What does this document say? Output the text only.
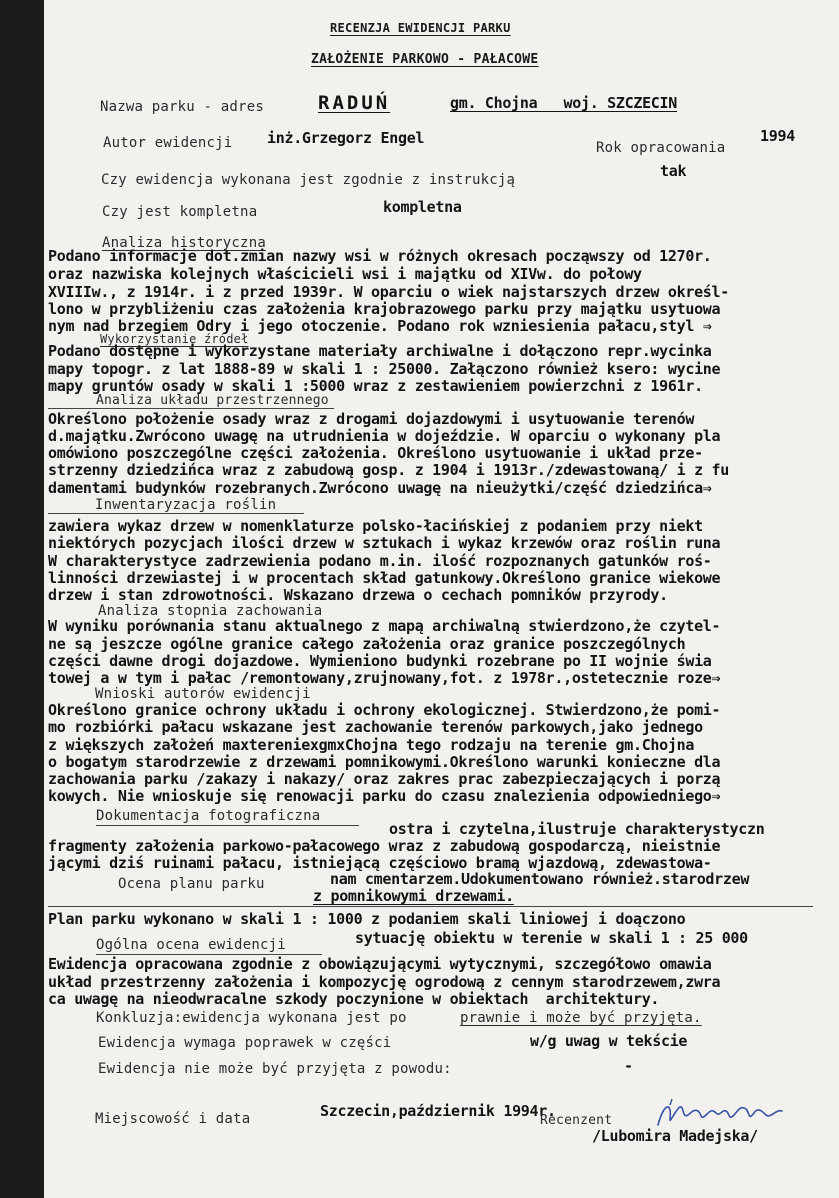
RECENZJA EWIDENCJI PARKU
ZAŁOŻENIE PARKOWO - PAŁACOWE
Nazwa parku - adres	RADUŃ	gm. Chojna   woj. SZCZECIN
Autor ewidencji inż.Grzegorz Engel
Rok opracowania
1994
Czy ewidencja wykonana jest zgodnie z instrukcją	tak
Czy jest kompletna	kompletna
Analiza historyczna
Podano informacje dot.zmian nazwy wsi w różnych okresach począwszy od 1270r.
oraz nazwiska kolejnych właścicieli wsi i majątku od XIVw. do połowy
XVIIIw., z 1914r. i z przed 1939r. W oparciu o wiek najstarszych drzew określ-
lono w przybliżeniu czas założenia krajobrazowego parku przy majątku usytuowa
nym nad brzegiem Odry i jego otoczenie. Podano rok wzniesienia pałacu,styl ⇒
Wykorzystanie źródeł
Podano dostępne i wykorzystane materiały archiwalne i dołączono repr.wycinka
mapy topogr. z lat 1888-89 w skali 1 : 25000. Załączono również ksero: wycine
mapy gruntów osady w skali 1 :5000 wraz z zestawieniem powierzchni z 1961r.
Analiza układu przestrzennego
Określono położenie osady wraz z drogami dojazdowymi i usytuowanie terenów
d.majątku.Zwrócono uwagę na utrudnienia w dojeździe. W oparciu o wykonany pla
omówiono poszczególne części założenia. Określono usytuowanie i układ prze-
strzenny dziedzińca wraz z zabudową gosp. z 1904 i 1913r./zdewastowaną/ i z fu
damentami budynków rozebranych.Zwrócono uwagę na nieużytki/część dziedzińca⇒
Inwentaryzacja roślin
zawiera wykaz drzew w nomenklaturze polsko-łacińskiej z podaniem przy niekt
niektórych pozycjach ilości drzew w sztukach i wykaz krzewów oraz roślin runa
W charakterystyce zadrzewienia podano m.in. ilość rozpoznanych gatunków roś-
linności drzewiastej i w procentach skład gatunkowy.Określono granice wiekowe
drzew i stan zdrowotności. Wskazano drzewa o cechach pomników przyrody.
Analiza stopnia zachowania
W wyniku porównania stanu aktualnego z mapą archiwalną stwierdzono,że czytel-
ne są jeszcze ogólne granice całego założenia oraz granice poszczególnych
części dawne drogi dojazdowe. Wymieniono budynki rozebrane po II wojnie świa
towej a w tym i pałac /remontowany,zrujnowany,fot. z 1978r.,ostetecznie roze⇒
Wnioski autorów ewidencji
Określono granice ochrony układu i ochrony ekologicznej. Stwierdzono,że pomi-
mo rozbiórki pałacu wskazane jest zachowanie terenów parkowych,jako jednego
z większych założeń maxtereniexgmxChojna tego rodzaju na terenie gm.Chojna
o bogatym starodrzewie z drzewami pomnikowymi.Określono warunki konieczne dla
zachowania parku /zakazy i nakazy/ oraz zakres prac zabezpieczających i porzą
kowych. Nie wnioskuje się renowacji parku do czasu znalezienia odpowiedniego⇒
Dokumentacja fotograficzna
ostra i czytelna,ilustruje charakterystyczn
fragmenty założenia parkowo-pałacowego wraz z zabudową gospodarczą, nieistnie
jącymi dziś ruinami pałacu, istniejącą częściowo bramą wjazdową, zdewastowa-
nam cmentarzem.Udokumentowano również.starodrzew
z pomnikowymi drzewami.
Ocena planu parku
Plan parku wykonano w skali 1 : 1000 z podaniem skali liniowej i doączono
sytuację obiektu w terenie w skali 1 : 25 000
Ogólna ocena ewidencji
Ewidencja opracowana zgodnie z obowiązującymi wytycznymi, szczegółowo omawia
układ przestrzenny założenia i kompozycję ogrodową z cennym starodrzewem,zwra
ca uwagę na nieodwracalne szkody poczynione w obiektach  architektury.
Konkluzja:ewidencja wykonana jest po	prawnie i może być przyjęta.
Ewidencja wymaga poprawek w części	w/g uwag w tekście
Ewidencja nie może być przyjęta z powodu:	-
Miejscowość i data	Szczecin,październik 1994r.
Recenzent
/Lubomira Madejska/
